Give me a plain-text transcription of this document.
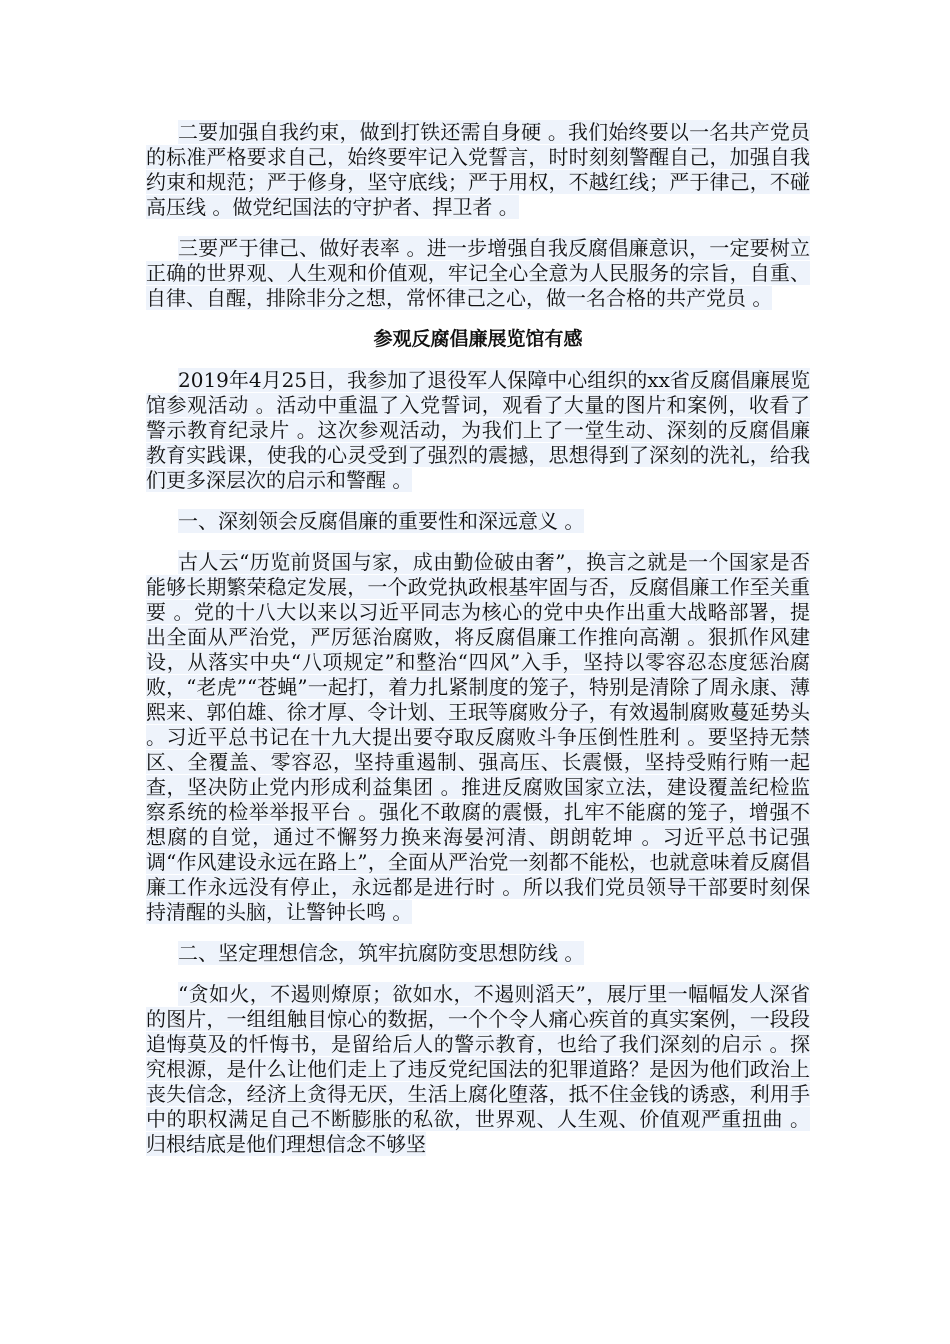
二要加强自我约束，做到打铁还需自身硬 。我们始终要以一名共产党员的标准严格要求自己，始终要牢记入党誓言，时时刻刻警醒自己，加强自我约束和规范；严于修身，坚守底线；严于用权，不越红线；严于律己，不碰高压线 。做党纪国法的守护者、捍卫者 。

三要严于律己、做好表率 。进一步增强自我反腐倡廉意识，一定要树立正确的世界观、人生观和价值观，牢记全心全意为人民服务的宗旨，自重、自律、自醒，排除非分之想，常怀律己之心，做一名合格的共产党员 。

参观反腐倡廉展览馆有感

2019年4月25日，我参加了退役军人保障中心组织的xx省反腐倡廉展览馆参观活动 。活动中重温了入党誓词，观看了大量的图片和案例，收看了警示教育纪录片 。这次参观活动，为我们上了一堂生动、深刻的反腐倡廉教育实践课，使我的心灵受到了强烈的震撼，思想得到了深刻的洗礼，给我们更多深层次的启示和警醒 。

一、深刻领会反腐倡廉的重要性和深远意义 。

古人云“历览前贤国与家，成由勤俭破由奢”，换言之就是一个国家是否能够长期繁荣稳定发展，一个政党执政根基牢固与否，反腐倡廉工作至关重要 。党的十八大以来以习近平同志为核心的党中央作出重大战略部署，提出全面从严治党，严厉惩治腐败，将反腐倡廉工作推向高潮 。狠抓作风建设，从落实中央“八项规定”和整治“四风”入手，坚持以零容忍态度惩治腐败，“老虎”“苍蝇”一起打，着力扎紧制度的笼子，特别是清除了周永康、薄熙来、郭伯雄、徐才厚、令计划、王珉等腐败分子，有效遏制腐败蔓延势头 。习近平总书记在十九大提出要夺取反腐败斗争压倒性胜利 。要坚持无禁区、全覆盖、零容忍，坚持重遏制、强高压、长震慑，坚持受贿行贿一起查，坚决防止党内形成利益集团 。推进反腐败国家立法，建设覆盖纪检监察系统的检举举报平台 。强化不敢腐的震慑，扎牢不能腐的笼子，增强不想腐的自觉，通过不懈努力换来海晏河清、朗朗乾坤 。习近平总书记强调“作风建设永远在路上”，全面从严治党一刻都不能松，也就意味着反腐倡廉工作永远没有停止，永远都是进行时 。所以我们党员领导干部要时刻保持清醒的头脑，让警钟长鸣 。

二、坚定理想信念，筑牢抗腐防变思想防线 。

“贪如火，不遏则燎原；欲如水，不遏则滔天”，展厅里一幅幅发人深省的图片，一组组触目惊心的数据，一个个令人痛心疾首的真实案例，一段段追悔莫及的忏悔书，是留给后人的警示教育，也给了我们深刻的启示 。探究根源，是什么让他们走上了违反党纪国法的犯罪道路？是因为他们政治上丧失信念，经济上贪得无厌，生活上腐化堕落，抵不住金钱的诱惑，利用手中的职权满足自己不断膨胀的私欲，世界观、人生观、价值观严重扭曲 。归根结底是他们理想信念不够坚
